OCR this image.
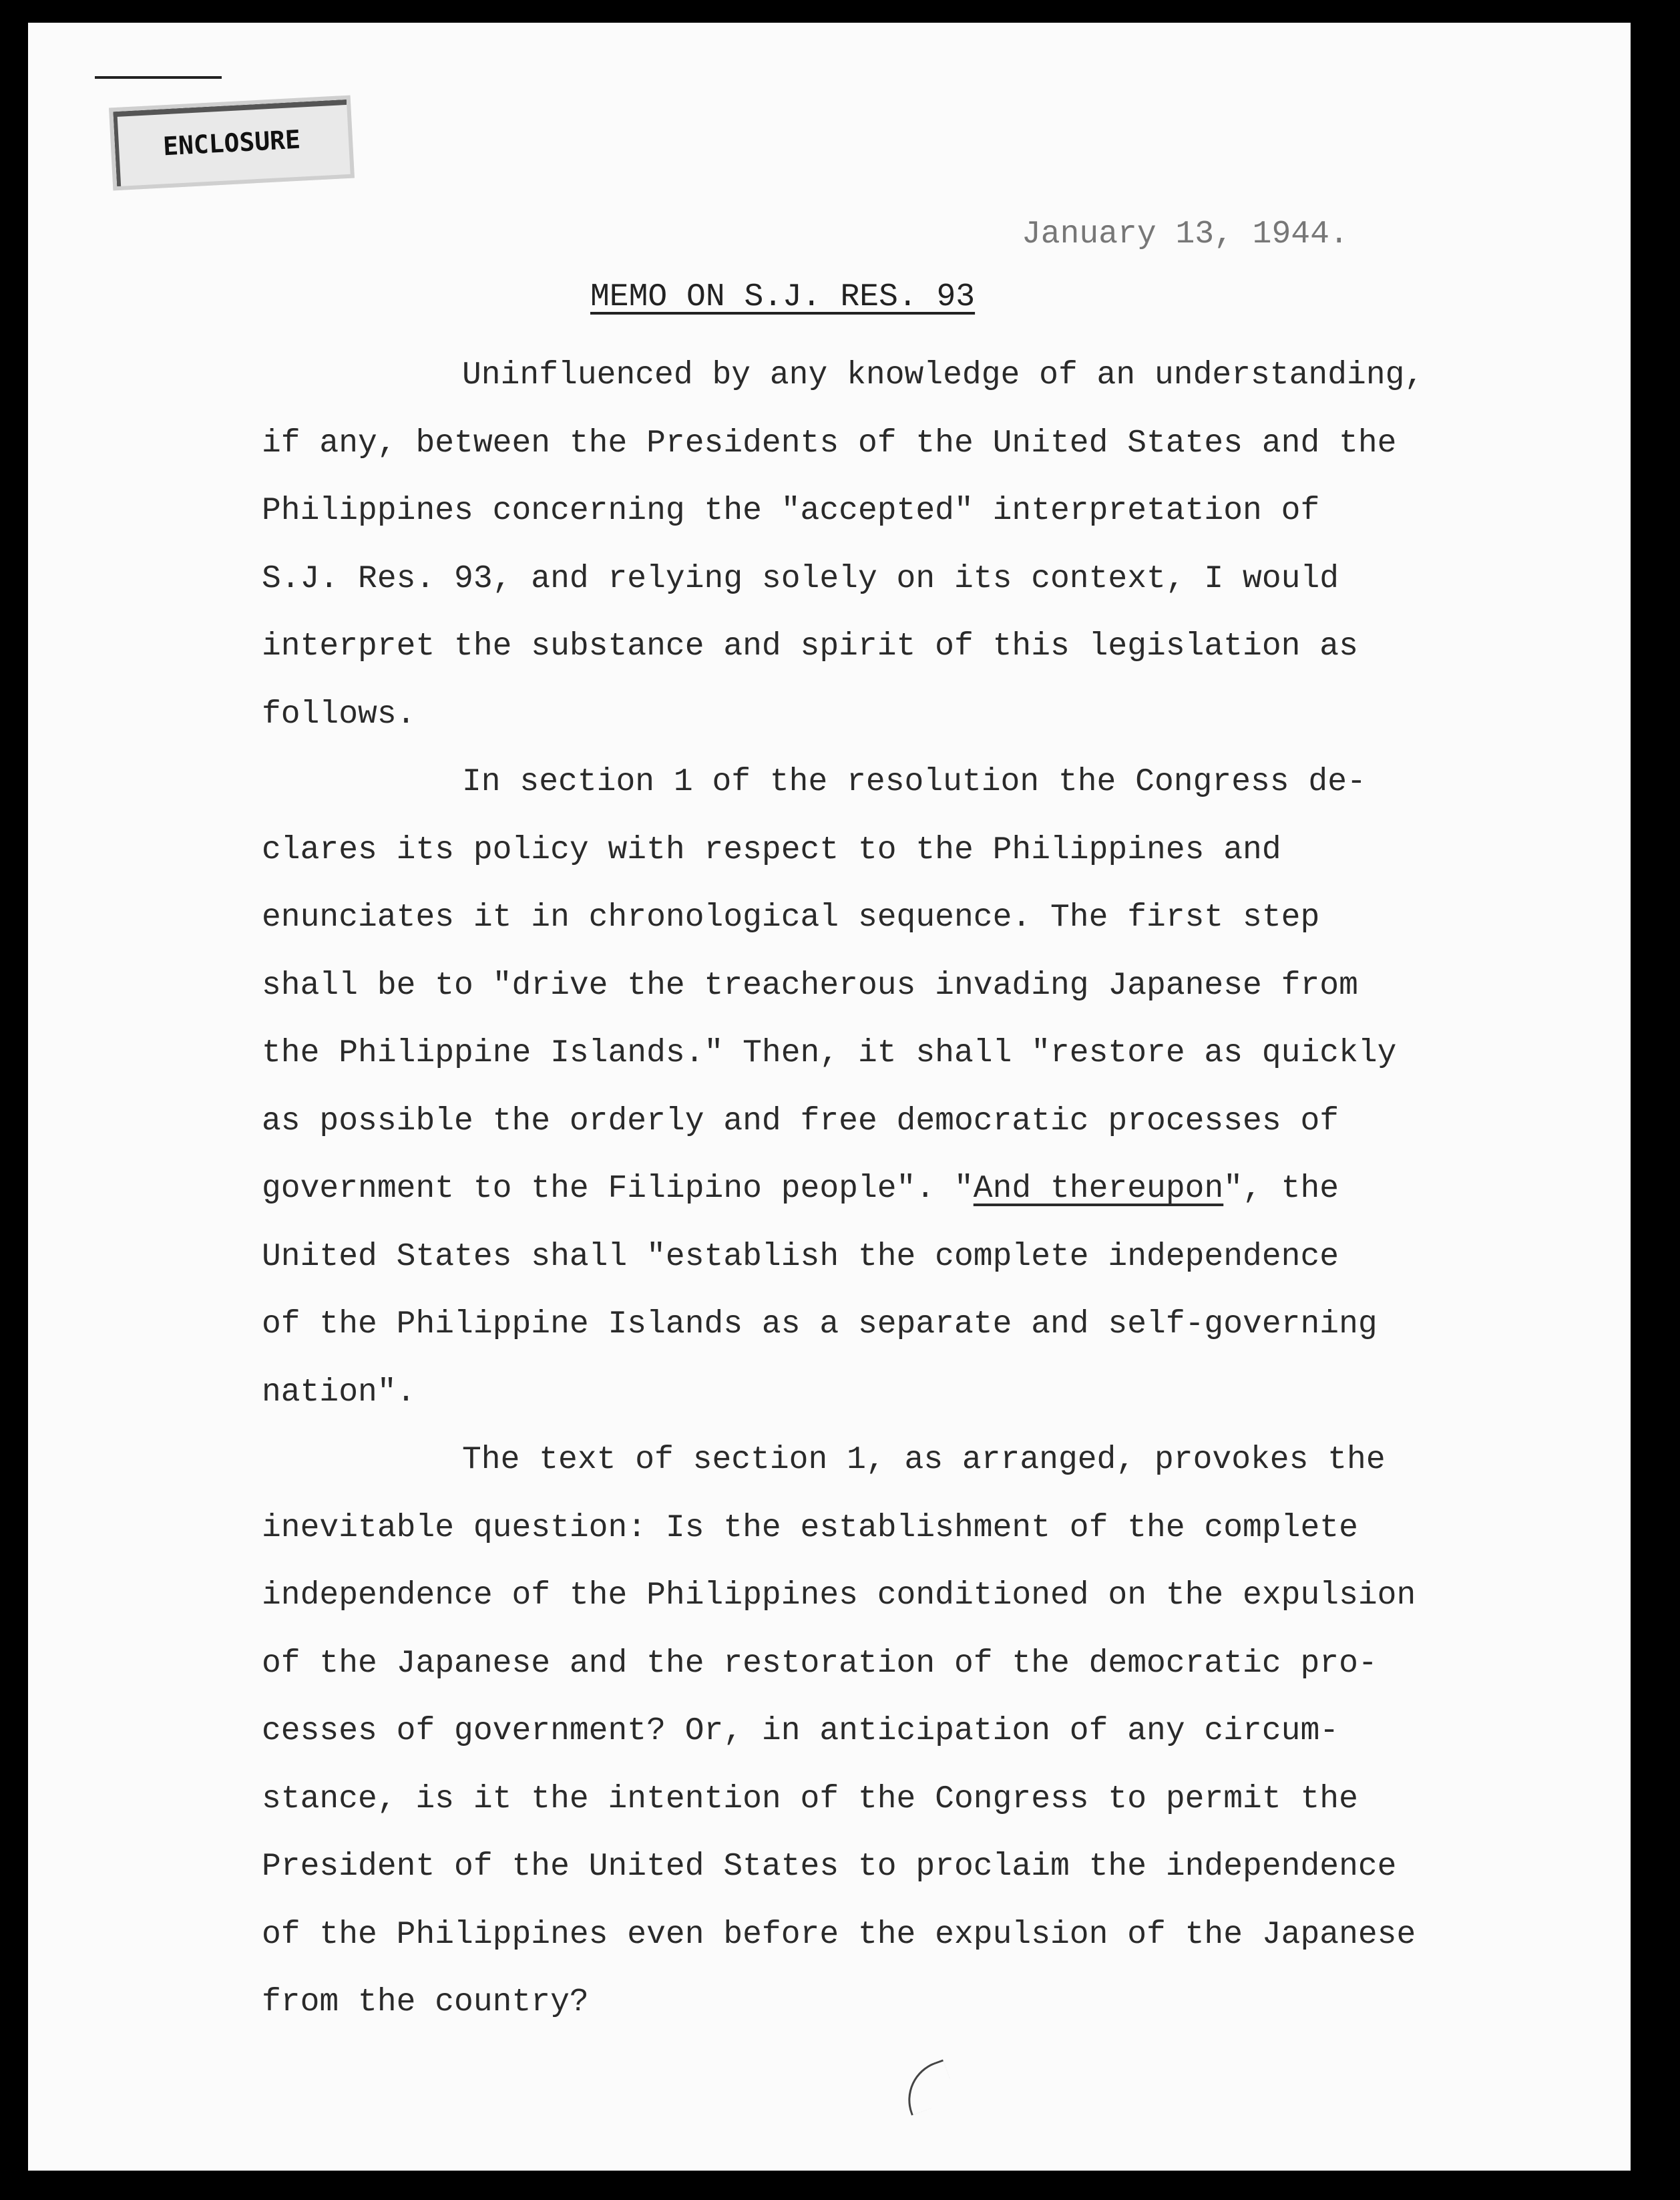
ENCLOSURE
January 13, 1944.
MEMO ON S.J. RES. 93
Uninfluenced by any knowledge of an understanding,
if any, between the Presidents of the United States and the
Philippines concerning the "accepted" interpretation of
S.J. Res. 93, and relying solely on its context, I would
interpret the substance and spirit of this legislation as
follows.
In section 1 of the resolution the Congress de-
clares its policy with respect to the Philippines and
enunciates it in chronological sequence. The first step
shall be to "drive the treacherous invading Japanese from
the Philippine Islands." Then, it shall "restore as quickly
as possible the orderly and free democratic processes of
government to the Filipino people". "And thereupon", the
United States shall "establish the complete independence
of the Philippine Islands as a separate and self-governing
nation".
The text of section 1, as arranged, provokes the
inevitable question: Is the establishment of the complete
independence of the Philippines conditioned on the expulsion
of the Japanese and the restoration of the democratic pro-
cesses of government? Or, in anticipation of any circum-
stance, is it the intention of the Congress to permit the
President of the United States to proclaim the independence
of the Philippines even before the expulsion of the Japanese
from the country?
